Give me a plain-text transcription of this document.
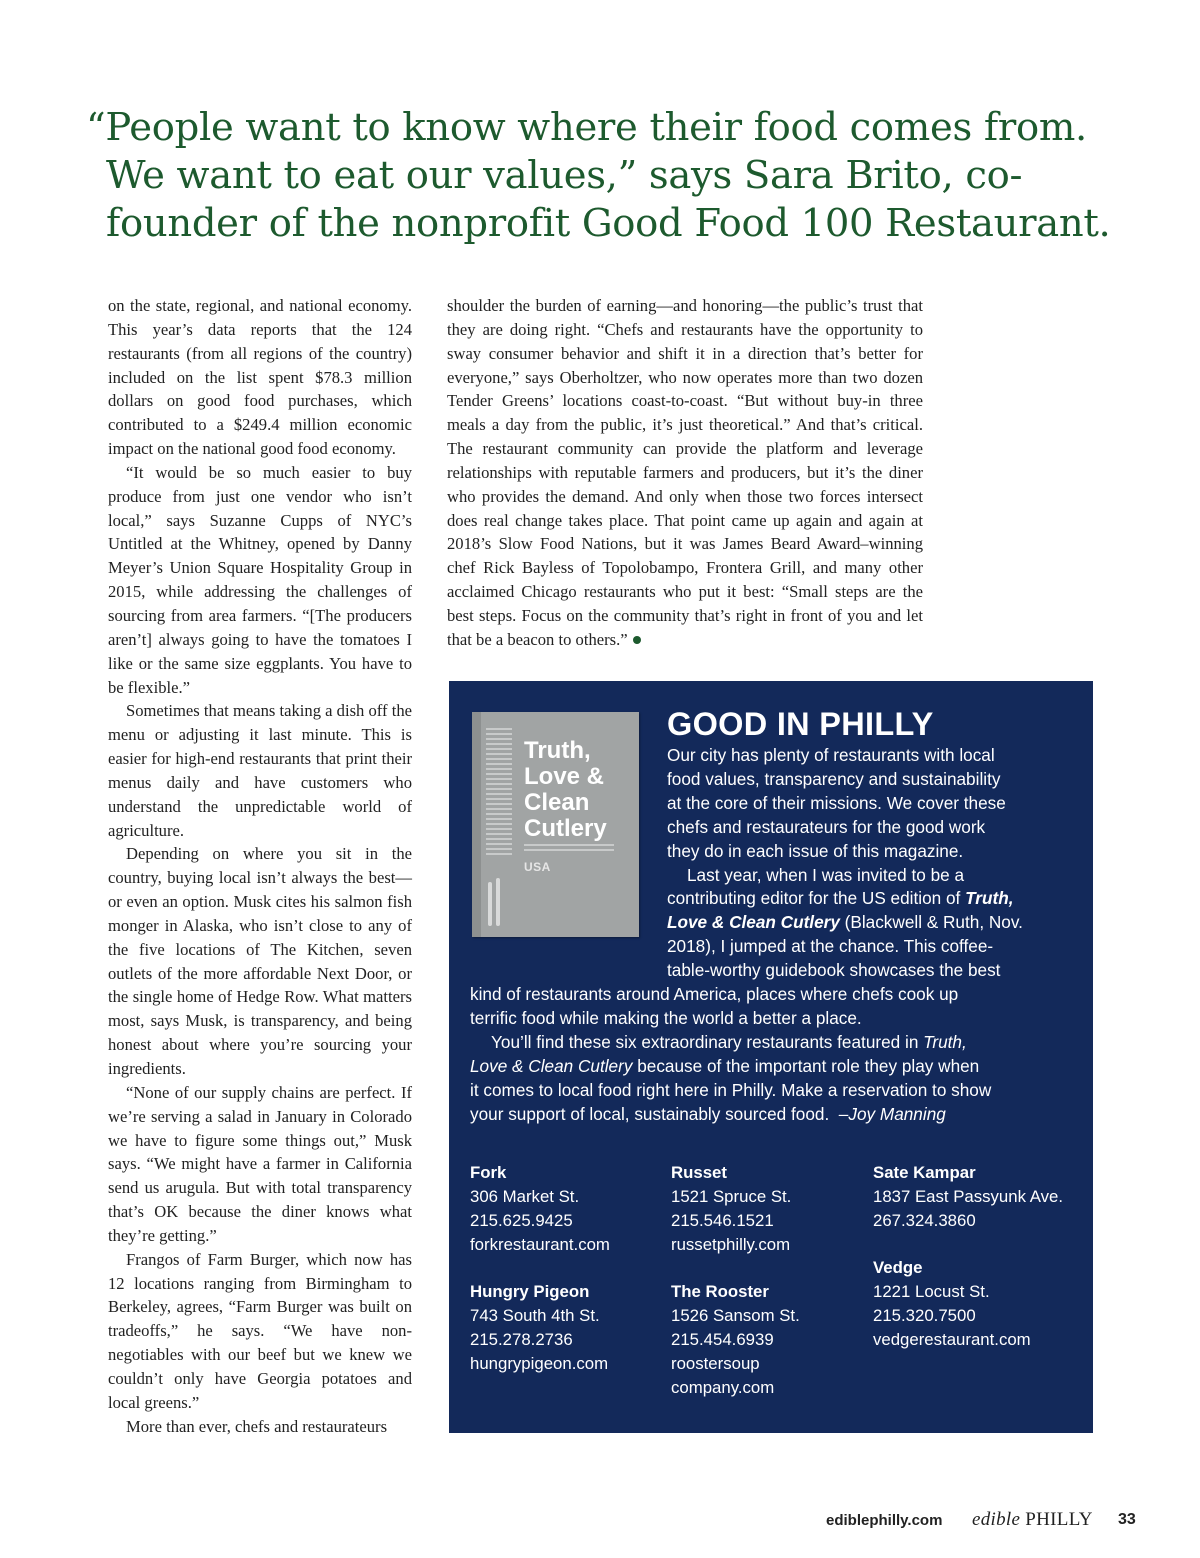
“People want to know where their food comes from.
We want to eat our values,” says Sara Brito, co-
founder of the nonprofit Good Food 100 Restaurant.

on the state, regional, and national economy. This year’s data reports that the 124 restaurants (from all regions of the country) included on the list spent $78.3 million dollars on good food purchases, which contributed to a $249.4 million economic impact on the national good food economy.

“It would be so much easier to buy produce from just one vendor who isn’t local,” says Suzanne Cupps of NYC’s Untitled at the Whitney, opened by Danny Meyer’s Union Square Hospitality Group in 2015, while addressing the challenges of sourcing from area farmers. “[The producers aren’t] always going to have the tomatoes I like or the same size eggplants. You have to be flexible.”

Sometimes that means taking a dish off the menu or adjusting it last minute. This is easier for high-end restaurants that print their menus daily and have customers who understand the unpredictable world of agriculture.

Depending on where you sit in the country, buying local isn’t always the best—or even an option. Musk cites his salmon fish monger in Alaska, who isn’t close to any of the five locations of The Kitchen, seven outlets of the more affordable Next Door, or the single home of Hedge Row. What matters most, says Musk, is transparency, and being honest about where you’re sourcing your ingredients.

“None of our supply chains are perfect. If we’re serving a salad in January in Colorado we have to figure some things out,” Musk says. “We might have a farmer in California send us arugula. But with total transparency that’s OK because the diner knows what they’re getting.”

Frangos of Farm Burger, which now has 12 locations ranging from Birmingham to Berkeley, agrees, “Farm Burger was built on tradeoffs,” he says. “We have non-negotiables with our beef but we knew we couldn’t only have Georgia potatoes and local greens.”

More than ever, chefs and restaurateurs

shoulder the burden of earning—and honoring—the public’s trust that they are doing right. “Chefs and restaurants have the opportunity to sway consumer behavior and shift it in a direction that’s better for everyone,” says Oberholtzer, who now operates more than two dozen Tender Greens’ locations coast-to-coast. “But without buy-in three meals a day from the public, it’s just theoretical.” And that’s critical. The restaurant community can provide the platform and leverage relationships with reputable farmers and producers, but it’s the diner who provides the demand. And only when those two forces intersect does real change takes place. That point came up again and again at 2018’s Slow Food Nations, but it was James Beard Award–winning chef Rick Bayless of Topolobampo, Frontera Grill, and many other acclaimed Chicago restaurants who put it best: “Small steps are the best steps. Focus on the community that’s right in front of you and let that be a beacon to others.”

Truth,
Love &
Clean
Cutlery

USA
GOOD IN PHILLY
Our city has plenty of restaurants with local
food values, transparency and sustainability
at the core of their missions. We cover these
chefs and restaurateurs for the good work
they do in each issue of this magazine.
Last year, when I was invited to be a
contributing editor for the US edition of Truth,
Love & Clean Cutlery (Blackwell & Ruth, Nov.
2018), I jumped at the chance. This coffee-
table-worthy guidebook showcases the best
kind of restaurants around America, places where chefs cook up
terrific food while making the world a better a place.
You’ll find these six extraordinary restaurants featured in Truth,
Love & Clean Cutlery because of the important role they play when
it comes to local food right here in Philly. Make a reservation to show
your support of local, sustainably sourced food.  –Joy Manning
Fork
306 Market St.
215.625.9425
forkrestaurant.com
Russet
1521 Spruce St.
215.546.1521
russetphilly.com
Sate Kampar
1837 East Passyunk Ave.
267.324.3860
Hungry Pigeon
743 South 4th St.
215.278.2736
hungrypigeon.com
The Rooster
1526 Sansom St.
215.454.6939
roostersoup
company.com
Vedge
1221 Locust St.
215.320.7500
vedgerestaurant.com
ediblephilly.com edible PHILLY 33
